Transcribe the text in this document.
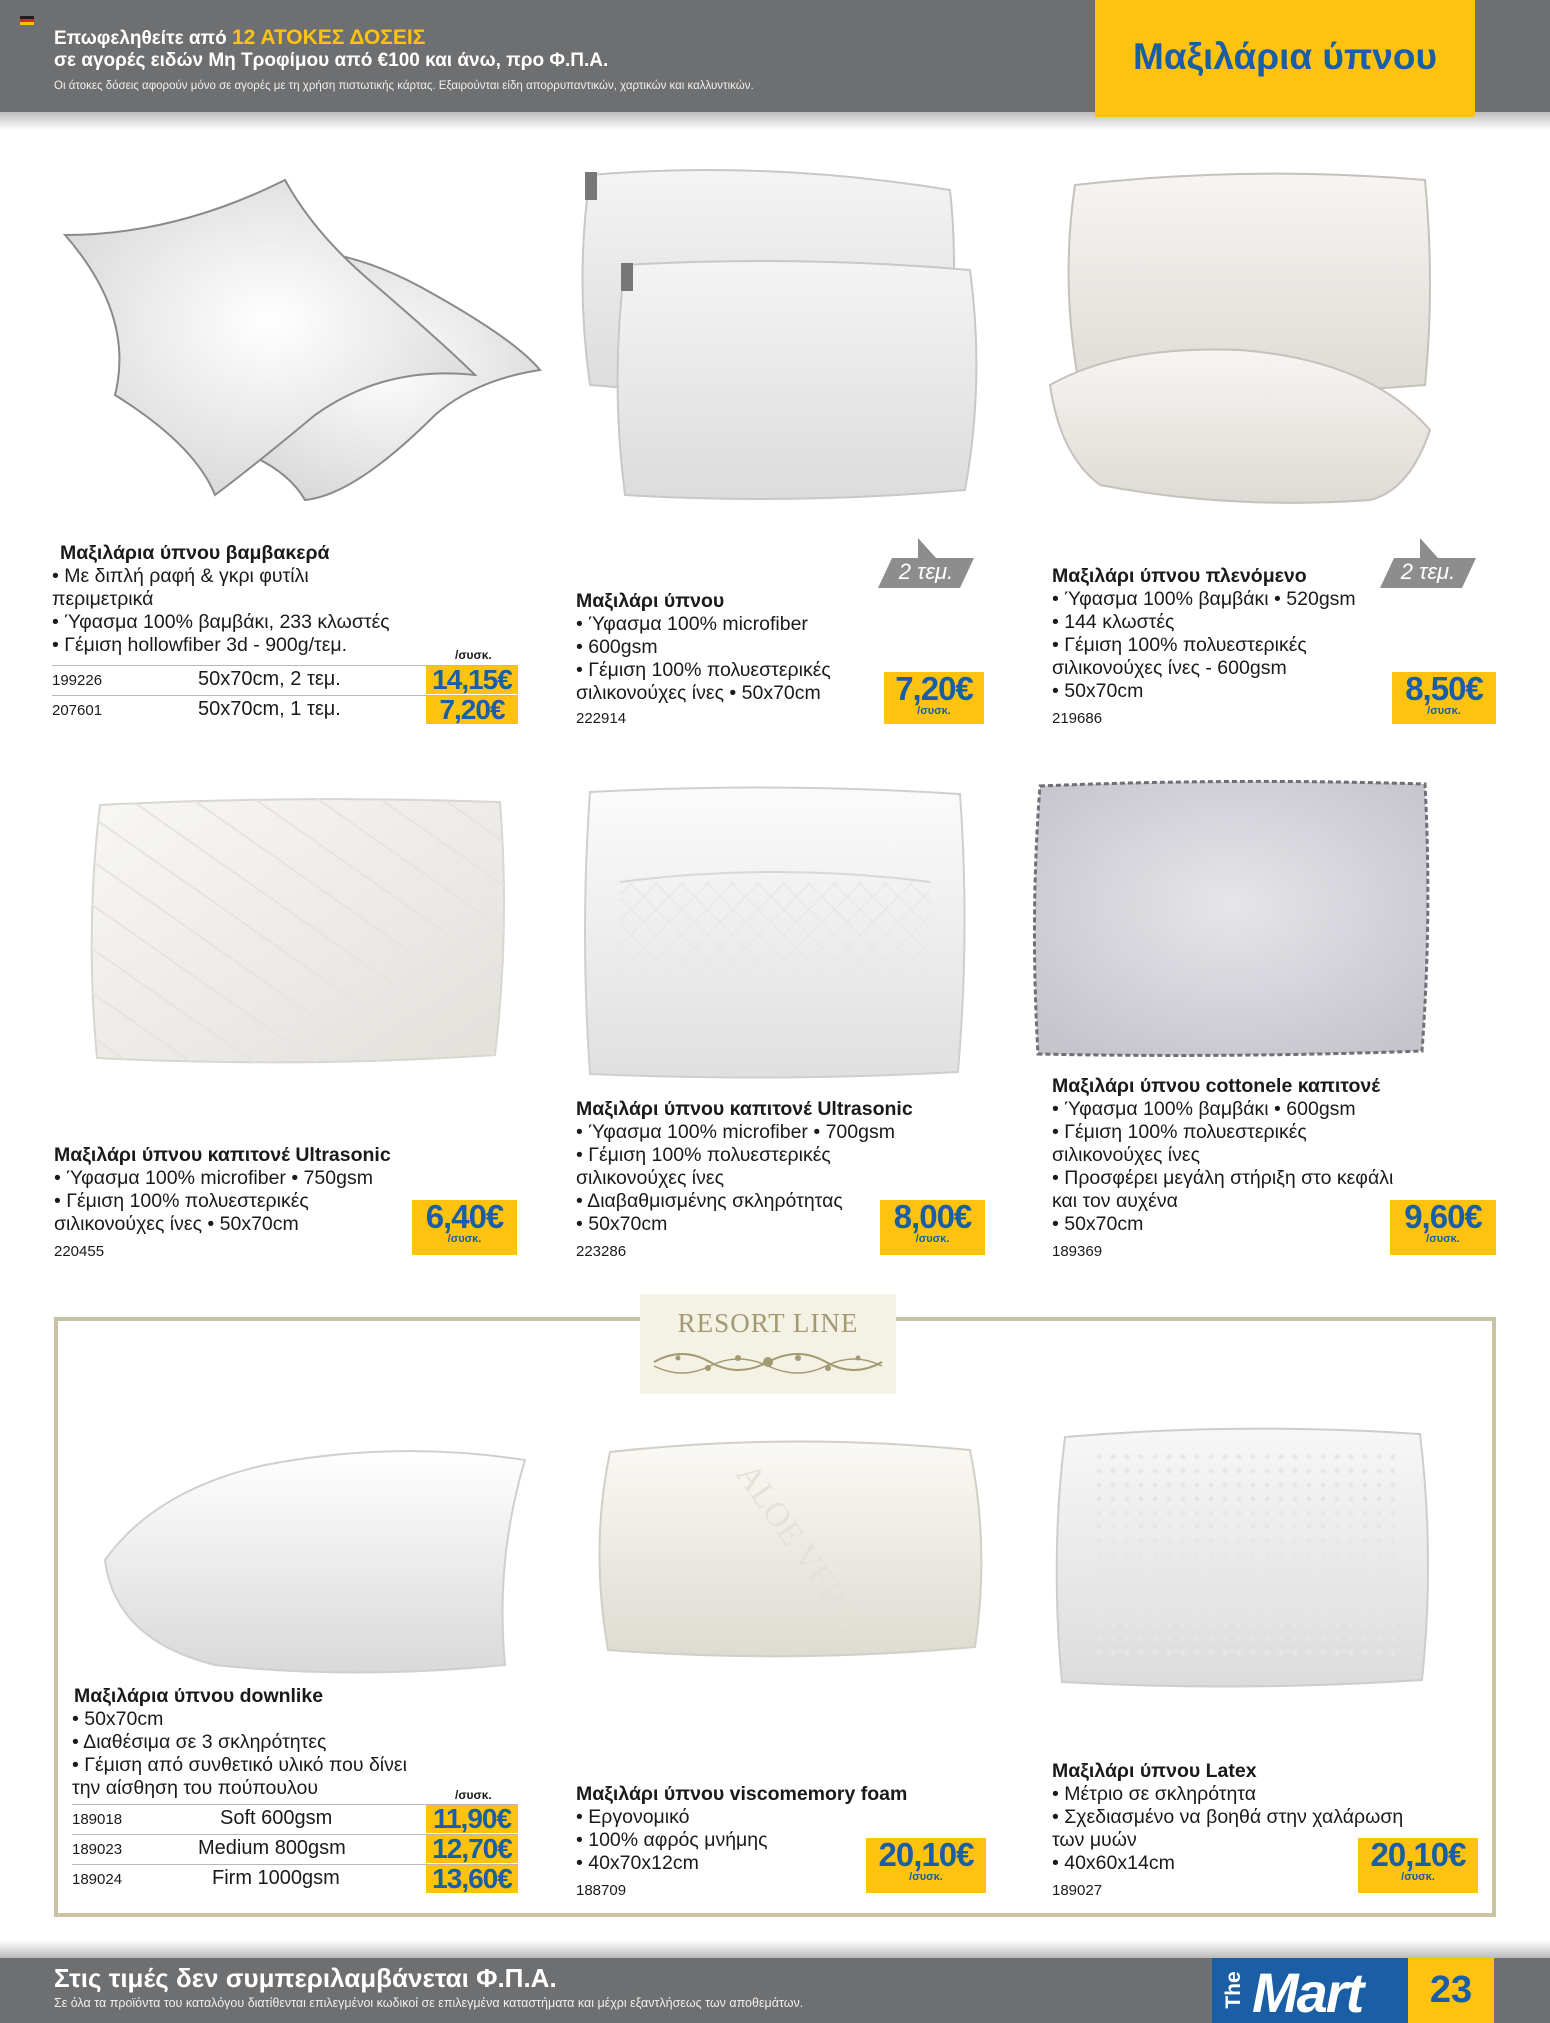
Επωφεληθείτε από 12 ΑΤΟΚΕΣ ΔΟΣΕΙΣ
σε αγορές ειδών Μη Τροφίμου από €100 και άνω, προ Φ.Π.Α.
Οι άτοκες δόσεις αφορούν μόνο σε αγορές με τη χρήση πιστωτικής κάρτας. Εξαιρούνται είδη απορρυπαντικών, χαρτικών και καλλυντικών.
Μαξιλάρια ύπνου
Μαξιλάρια ύπνου βαμβακερά
• Με διπλή ραφή & γκρι φυτίλι
περιμετρικά
• Ύφασμα 100% βαμβάκι, 233 κλωστές
• Γέμιση hollowfiber 3d - 900g/τεμ.	/συσκ.
199226	50x70cm, 2 τεμ.	14,15€
207601	50x70cm, 1 τεμ.	7,20€
2 τεμ.
Μαξιλάρι ύπνου
• Ύφασμα 100% microfiber
• 600gsm
• Γέμιση 100% πολυεστερικές
σιλικονούχες ίνες • 50x70cm
222914
7,20€
/συσκ.
2 τεμ.
Μαξιλάρι ύπνου πλενόμενο
• Ύφασμα 100% βαμβάκι • 520gsm
• 144 κλωστές
• Γέμιση 100% πολυεστερικές
σιλικονούχες ίνες - 600gsm
• 50x70cm
219686
8,50€
/συσκ.
Μαξιλάρι ύπνου καπιτονέ Ultrasonic
• Ύφασμα 100% microfiber • 750gsm
• Γέμιση 100% πολυεστερικές
σιλικονούχες ίνες • 50x70cm
220455
6,40€
/συσκ.
Μαξιλάρι ύπνου καπιτονέ Ultrasonic
• Ύφασμα 100% microfiber • 700gsm
• Γέμιση 100% πολυεστερικές
σιλικονούχες ίνες
• Διαβαθμισμένης σκληρότητας
• 50x70cm
223286
8,00€
/συσκ.
Μαξιλάρι ύπνου cottonele καπιτονέ
• Ύφασμα 100% βαμβάκι • 600gsm
• Γέμιση 100% πολυεστερικές
σιλικονούχες ίνες
• Προσφέρει μεγάλη στήριξη στο κεφάλι
και τον αυχένα
• 50x70cm
189369
9,60€
/συσκ.
RESORT LINE
ALOE VERA
Μαξιλάρια ύπνου downlike
• 50x70cm
• Διαθέσιμα σε 3 σκληρότητες
• Γέμιση από συνθετικό υλικό που δίνει
την αίσθηση του πούπουλου	/συσκ.
189018	Soft 600gsm	11,90€
189023	Medium 800gsm	12,70€
189024	Firm 1000gsm	13,60€
Μαξιλάρι ύπνου viscomemory foam
• Εργονομικό
• 100% αφρός μνήμης
• 40x70x12cm
188709
20,10€
/συσκ.
Μαξιλάρι ύπνου Latex
• Μέτριο σε σκληρότητα
• Σχεδιασμένο να βοηθά στην χαλάρωση
των μυών
• 40x60x14cm
189027
20,10€
/συσκ.
Στις τιμές δεν συμπεριλαμβάνεται Φ.Π.Α.
Σε όλα τα προϊόντα του καταλόγου διατίθενται επιλεγμένοι κωδικοί σε επιλεγμένα καταστήματα και μέχρι εξαντλήσεως των αποθεμάτων.	The Mart	23
